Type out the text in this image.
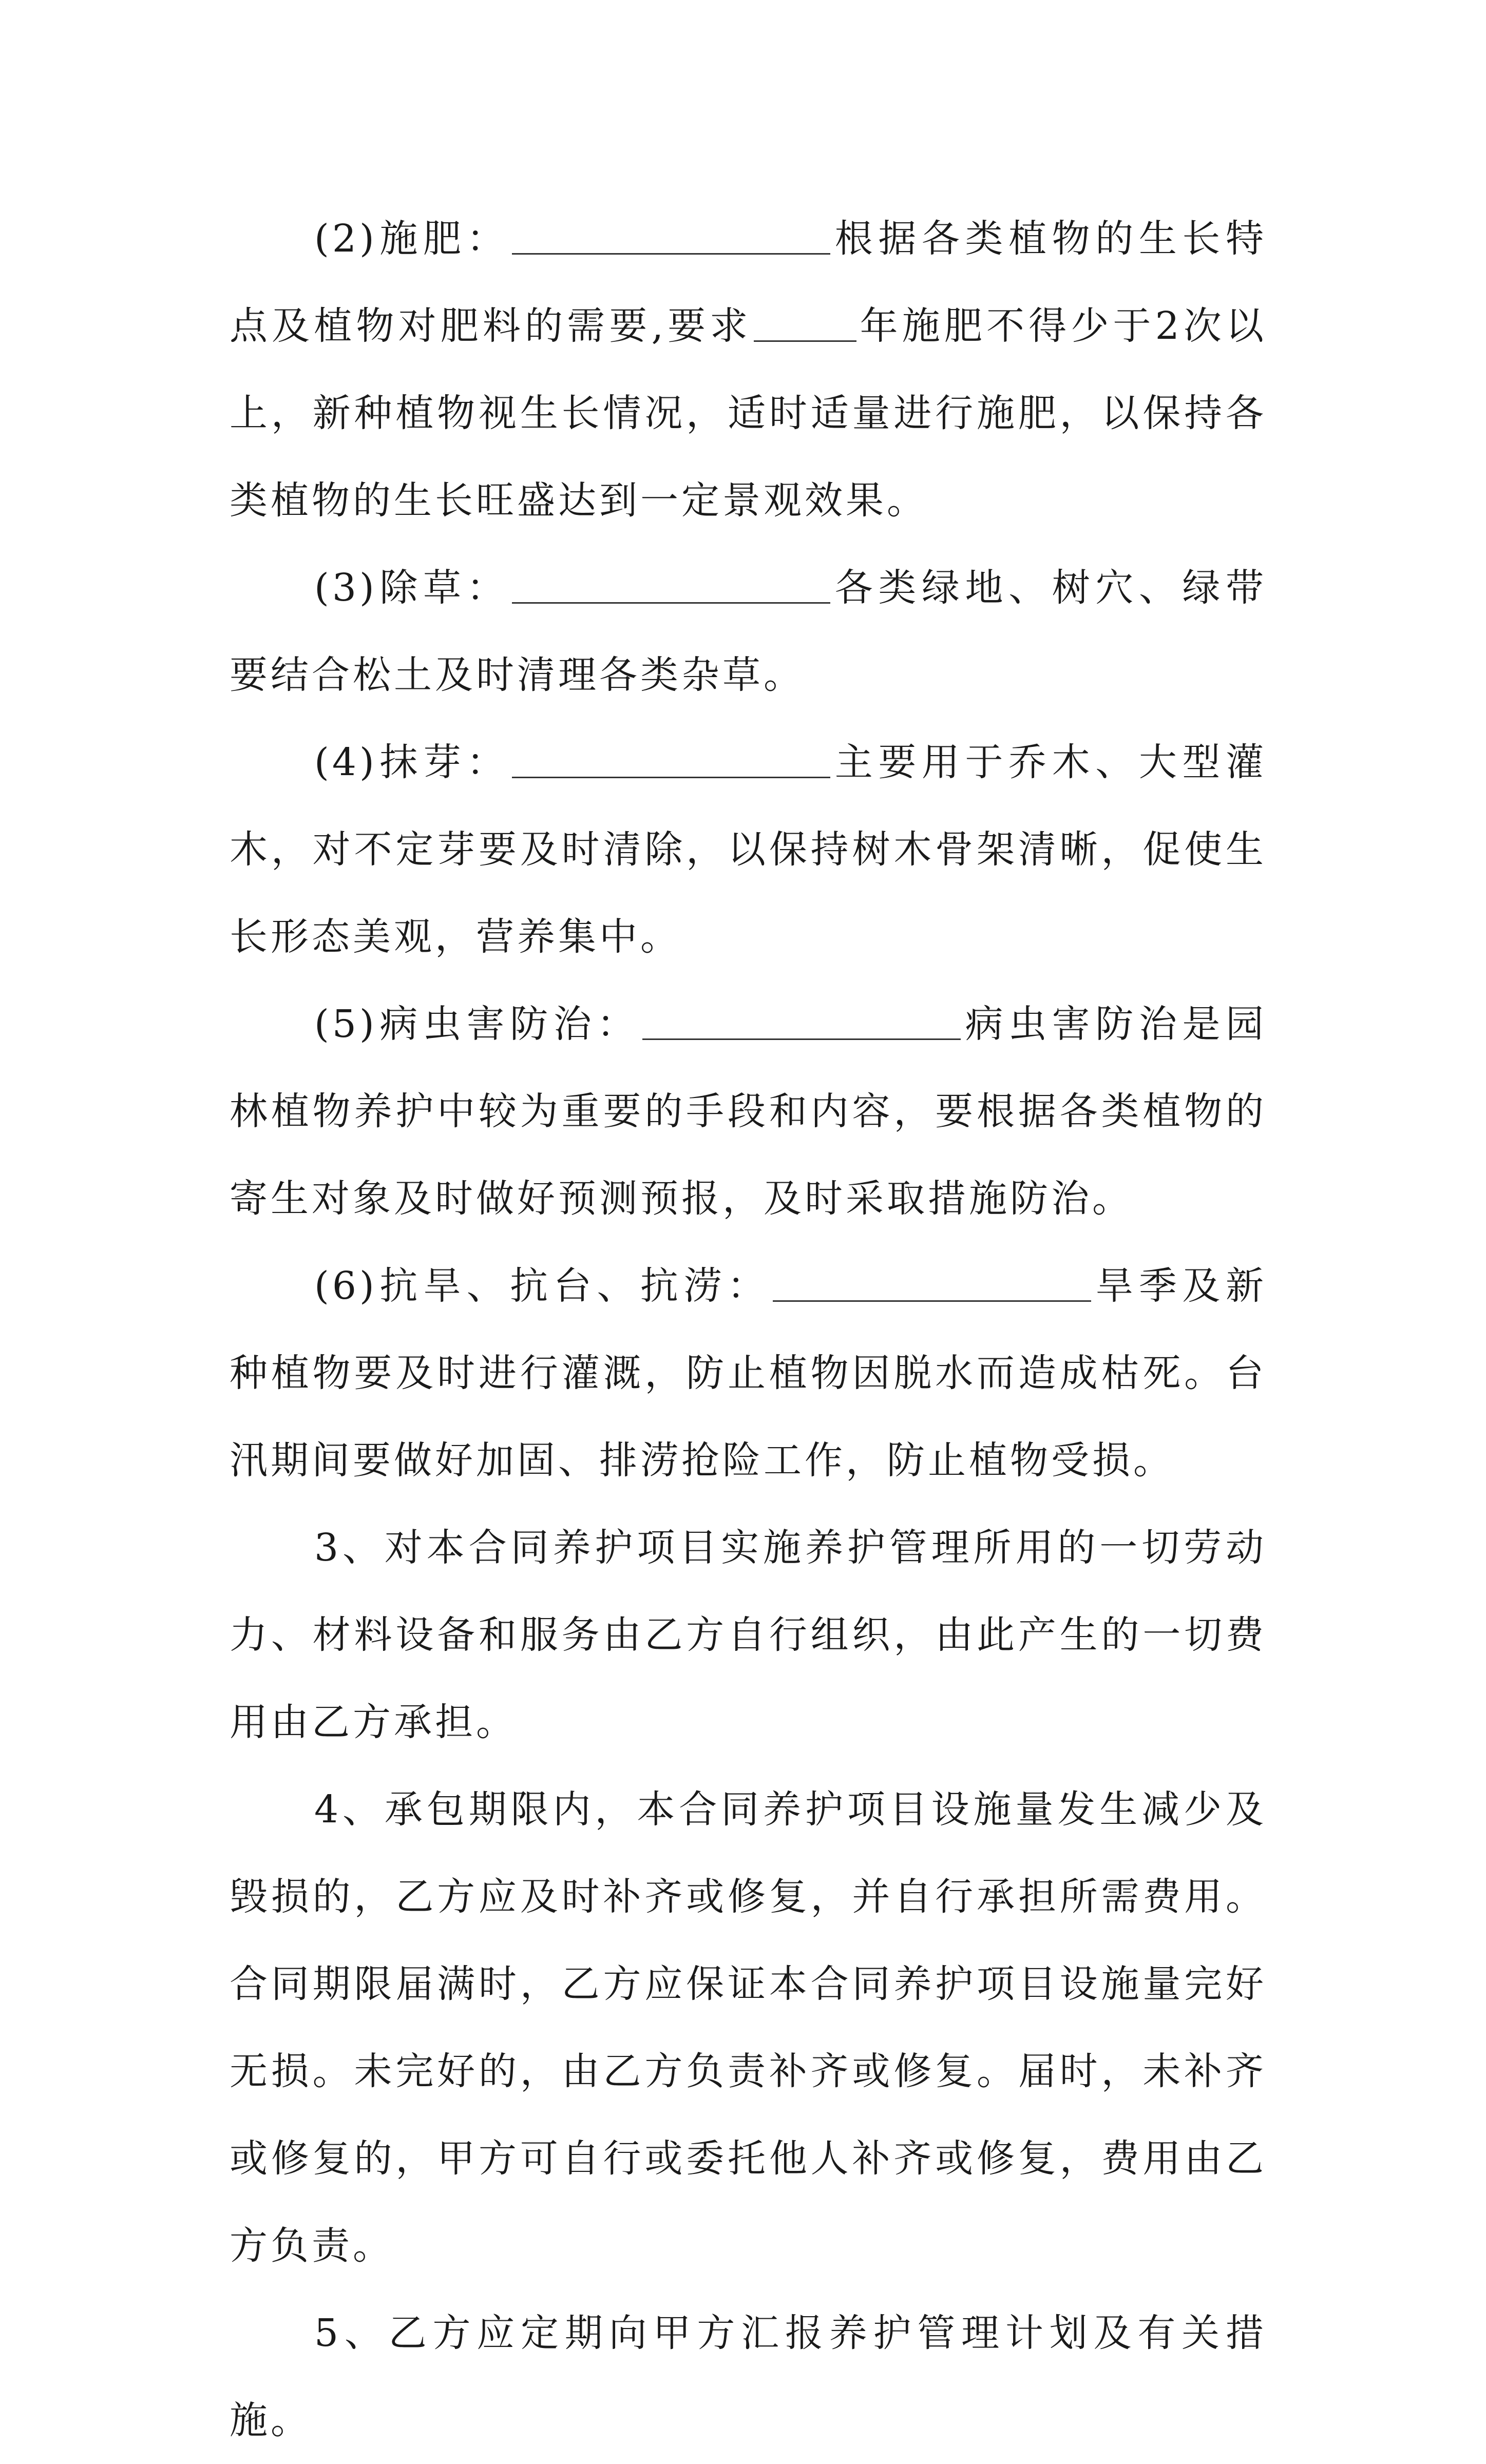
(2)施肥：	根据各类植物的生长特点及植物对肥料的需要,要求	年施肥不得少于2次以上，新种植物视生长情况，适时适量进行施肥，以保持各类植物的生长旺盛达到一定景观效果。

(3)除草：	各类绿地、树穴、绿带要结合松土及时清理各类杂草。

(4)抹芽：	主要用于乔木、大型灌木，对不定芽要及时清除，以保持树木骨架清晰，促使生长形态美观，营养集中。

(5)病虫害防治：	病虫害防治是园林植物养护中较为重要的手段和内容，要根据各类植物的寄生对象及时做好预测预报，及时采取措施防治。

(6)抗旱、抗台、抗涝：	旱季及新种植物要及时进行灌溉，防止植物因脱水而造成枯死。台汛期间要做好加固、排涝抢险工作，防止植物受损。

3、对本合同养护项目实施养护管理所用的一切劳动力、材料设备和服务由乙方自行组织，由此产生的一切费用由乙方承担。

4、承包期限内，本合同养护项目设施量发生减少及毁损的，乙方应及时补齐或修复，并自行承担所需费用。合同期限届满时，乙方应保证本合同养护项目设施量完好无损。未完好的，由乙方负责补齐或修复。届时，未补齐或修复的，甲方可自行或委托他人补齐或修复，费用由乙方负责。

5、乙方应定期向甲方汇报养护管理计划及有关措施。
